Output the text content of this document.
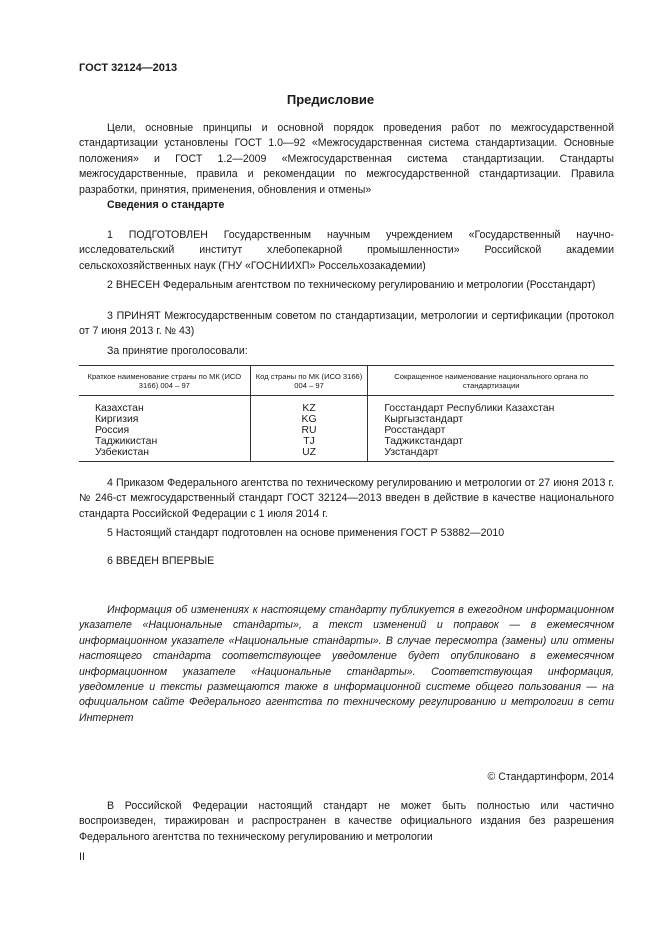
ГОСТ 32124—2013
Предисловие

Цели, основные принципы и основной порядок проведения работ по межгосударственной стандартизации установлены ГОСТ 1.0—92 «Межгосударственная система стандартизации. Основные положения» и ГОСТ 1.2—2009 «Межгосударственная система стандартизации. Стандарты межгосударственные, правила и рекомендации по межгосударственной стандартизации. Правила разработки, принятия, применения, обновления и отмены»

Сведения о стандарте

1 ПОДГОТОВЛЕН Государственным научным учреждением «Государственный научно-исследовательский институт хлебопекарной промышленности» Российской академии сельскохозяйственных наук (ГНУ «ГОСНИИХП» Россельхозакадемии)

2 ВНЕСЕН Федеральным агентством по техническому регулированию и метрологии (Росстандарт)

3 ПРИНЯТ Межгосударственным советом по стандартизации, метрологии и сертификации (протокол от 7 июня 2013 г. № 43)

За принятие проголосовали:

Краткое наименование страны по МК (ИСО 3166) 004 – 97	Код страны по МК (ИСО 3166) 004 – 97	Сокращенное наименование национального органа по стандартизации
Казахстан	KZ	Госстандарт Республики Казахстан
Киргизия	KG	Кыргызстандарт
Россия	RU	Росстандарт
Таджикистан	TJ	Таджикстандарт
Узбекистан	UZ	Узстандарт

4 Приказом Федерального агентства по техническому регулированию и метрологии от 27 июня 2013 г. № 246-ст межгосударственный стандарт ГОСТ 32124—2013 введен в действие в качестве национального стандарта Российской Федерации с 1 июля 2014 г.

5 Настоящий стандарт подготовлен на основе применения ГОСТ Р 53882—2010

6 ВВЕДЕН ВПЕРВЫЕ

Информация об изменениях к настоящему стандарту публикуется в ежегодном информационном указателе «Национальные стандарты», а текст изменений и поправок — в ежемесячном информационном указателе «Национальные стандарты». В случае пересмотра (замены) или отмены настоящего стандарта соответствующее уведомление будет опубликовано в ежемесячном информационном указателе «Национальные стандарты». Соответствующая информация, уведомление и тексты размещаются также в информационной системе общего пользования — на официальном сайте Федерального агентства по техническому регулированию и метрологии в сети Интернет

© Стандартинформ, 2014

В Российской Федерации настоящий стандарт не может быть полностью или частично воспроизведен, тиражирован и распространен в качестве официального издания без разрешения Федерального агентства по техническому регулированию и метрологии

II
